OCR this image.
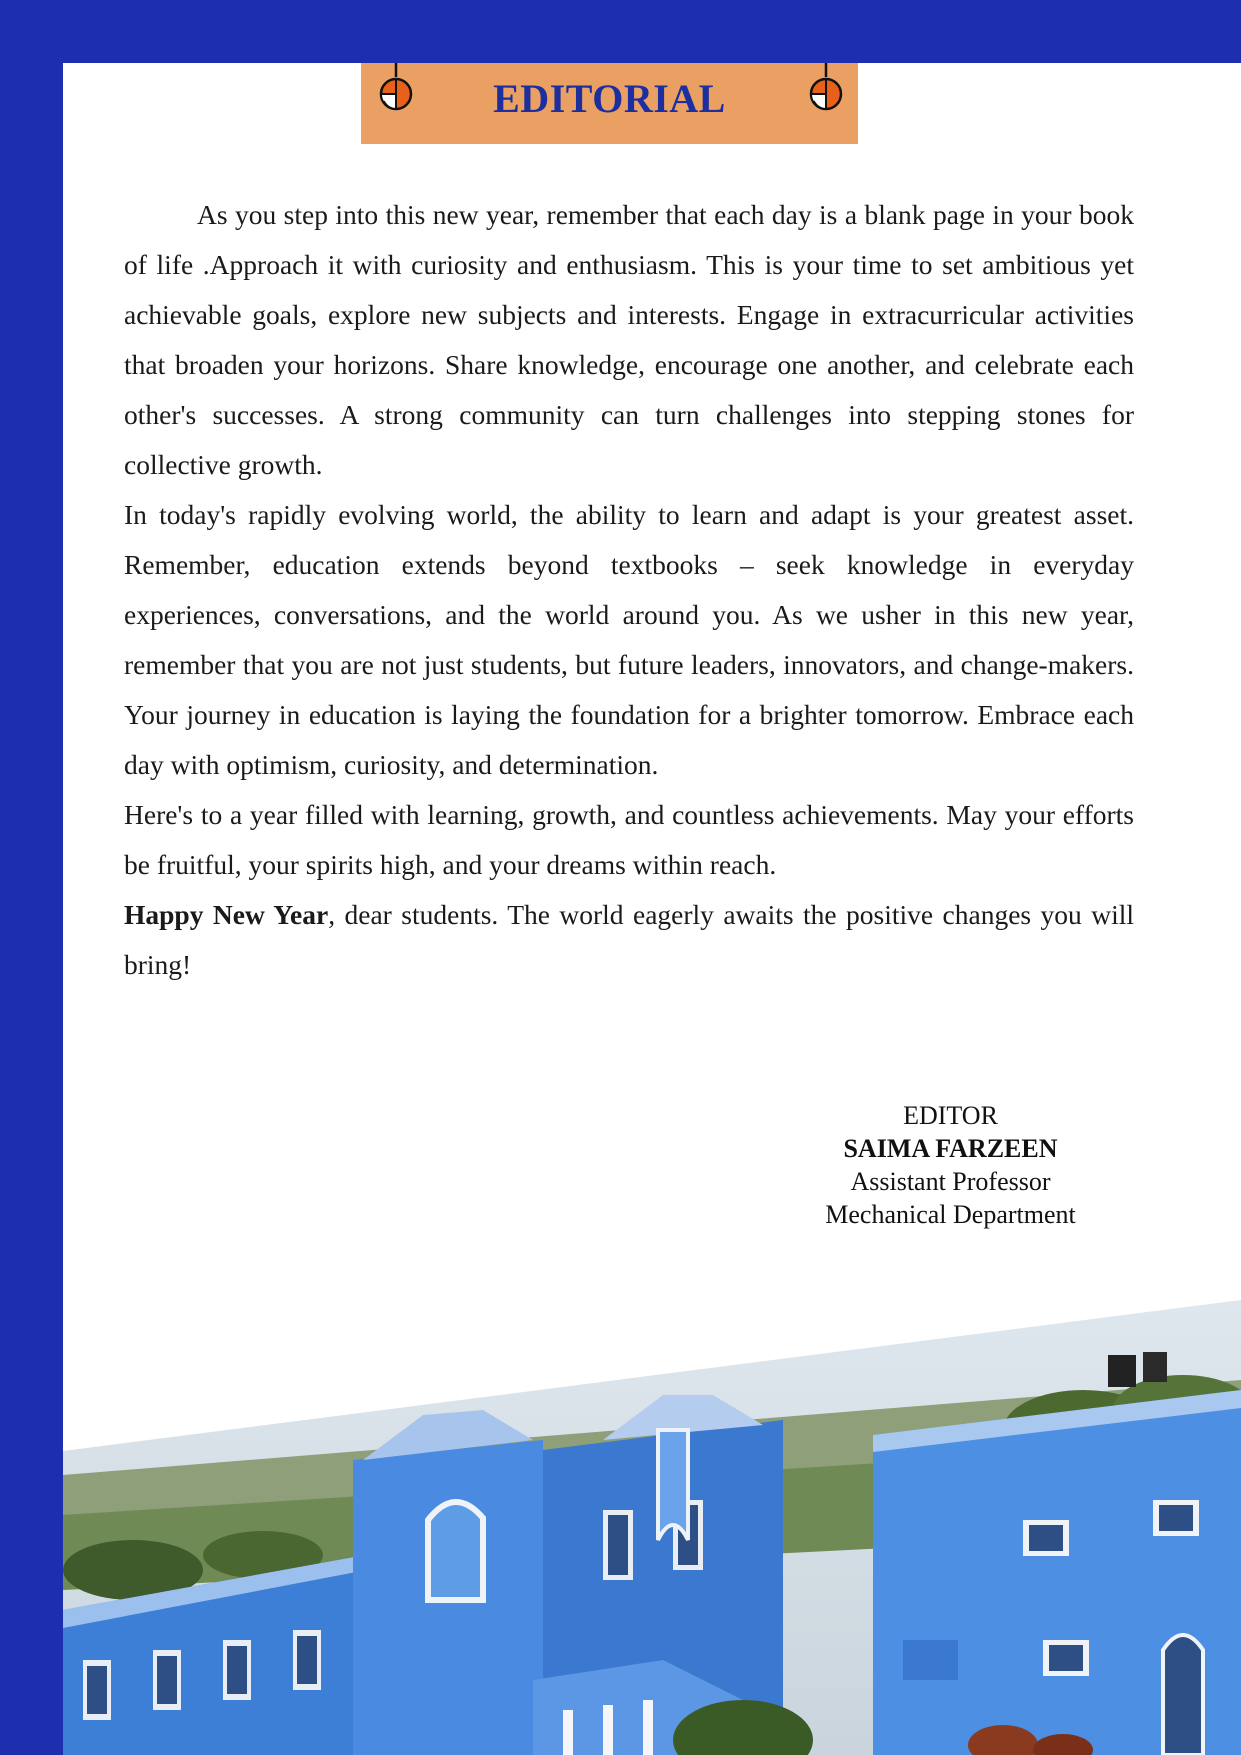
EDITORIAL

As you step into this new year, remember that each day is a blank page in your book of life .Approach it with curiosity and enthusiasm. This is your time to set ambitious yet achievable goals, explore new subjects and interests. Engage in extracurricular activities that broaden your horizons. Share knowledge, encourage one another, and celebrate each other's successes. A strong community can turn challenges into stepping stones for collective growth.

In today's rapidly evolving world, the ability to learn and adapt is your greatest asset. Remember, education extends beyond textbooks – seek knowledge in everyday experiences, conversations, and the world around you. As we usher in this new year, remember that you are not just students, but future leaders, innovators, and change-makers. Your journey in education is laying the foundation for a brighter tomorrow. Embrace each day with optimism, curiosity, and determination.

Here's to a year filled with learning, growth, and countless achievements. May your efforts be fruitful, your spirits high, and your dreams within reach.

Happy New Year, dear students. The world eagerly awaits the positive changes you will bring!

EDITOR
SAIMA FARZEEN
Assistant Professor
Mechanical Department
